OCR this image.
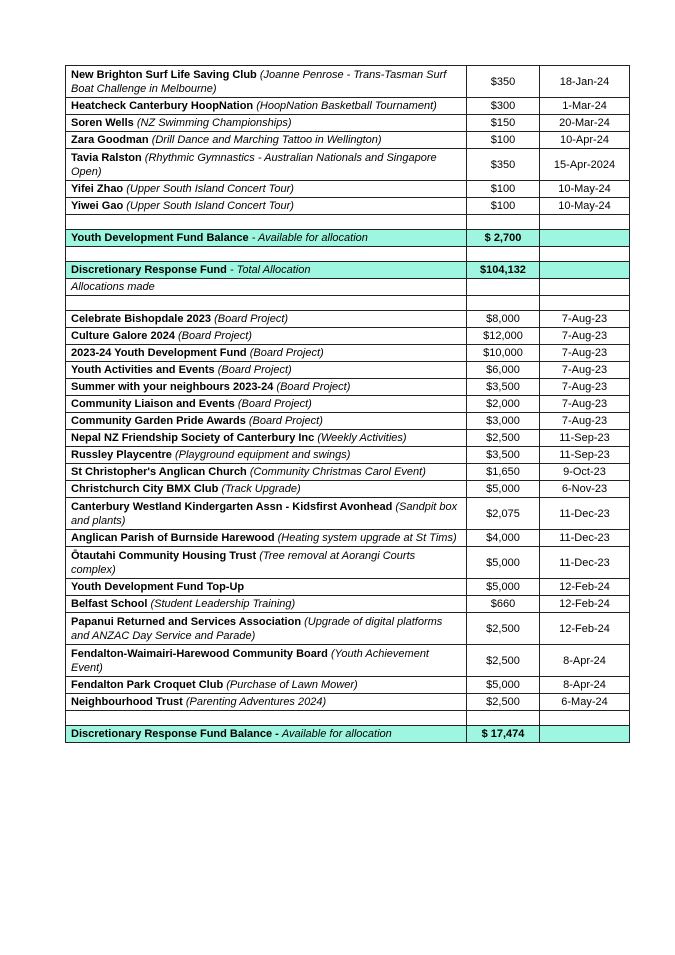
New Brighton Surf Life Saving Club (Joanne Penrose - Trans-Tasman Surf Boat Challenge in Melbourne)	$350	18-Jan-24
Heatcheck Canterbury HoopNation (HoopNation Basketball Tournament)	$300	1-Mar-24
Soren Wells (NZ Swimming Championships)	$150	20-Mar-24
Zara Goodman (Drill Dance and Marching Tattoo in Wellington)	$100	10-Apr-24
Tavia Ralston (Rhythmic Gymnastics - Australian Nationals and Singapore Open)	$350	15-Apr-2024
Yifei Zhao (Upper South Island Concert Tour)	$100	10-May-24
Yiwei Gao (Upper South Island Concert Tour)	$100	10-May-24

Youth Development Fund Balance - Available for allocation	$ 2,700	

Discretionary Response Fund - Total Allocation	$104,132	
Allocations made		

Celebrate Bishopdale 2023 (Board Project)	$8,000	7-Aug-23
Culture Galore 2024 (Board Project)	$12,000	7-Aug-23
2023-24 Youth Development Fund (Board Project)	$10,000	7-Aug-23
Youth Activities and Events (Board Project)	$6,000	7-Aug-23
Summer with your neighbours 2023-24 (Board Project)	$3,500	7-Aug-23
Community Liaison and Events (Board Project)	$2,000	7-Aug-23
Community Garden Pride Awards (Board Project)	$3,000	7-Aug-23
Nepal NZ Friendship Society of Canterbury Inc (Weekly Activities)	$2,500	11-Sep-23
Russley Playcentre (Playground equipment and swings)	$3,500	11-Sep-23
St Christopher's Anglican Church (Community Christmas Carol Event)	$1,650	9-Oct-23
Christchurch City BMX Club (Track Upgrade)	$5,000	6-Nov-23
Canterbury Westland Kindergarten Assn - Kidsfirst Avonhead (Sandpit box and plants)	$2,075	11-Dec-23
Anglican Parish of Burnside Harewood (Heating system upgrade at St Tims)	$4,000	11-Dec-23
Ōtautahi Community Housing Trust (Tree removal at Aorangi Courts complex)	$5,000	11-Dec-23
Youth Development Fund Top-Up	$5,000	12-Feb-24
Belfast School (Student Leadership Training)	$660	12-Feb-24
Papanui Returned and Services Association (Upgrade of digital platforms and ANZAC Day Service and Parade)	$2,500	12-Feb-24
Fendalton-Waimairi-Harewood Community Board (Youth Achievement Event)	$2,500	8-Apr-24
Fendalton Park Croquet Club (Purchase of Lawn Mower)	$5,000	8-Apr-24
Neighbourhood Trust (Parenting Adventures 2024)	$2,500	6-May-24

Discretionary Response Fund Balance - Available for allocation	$ 17,474	
